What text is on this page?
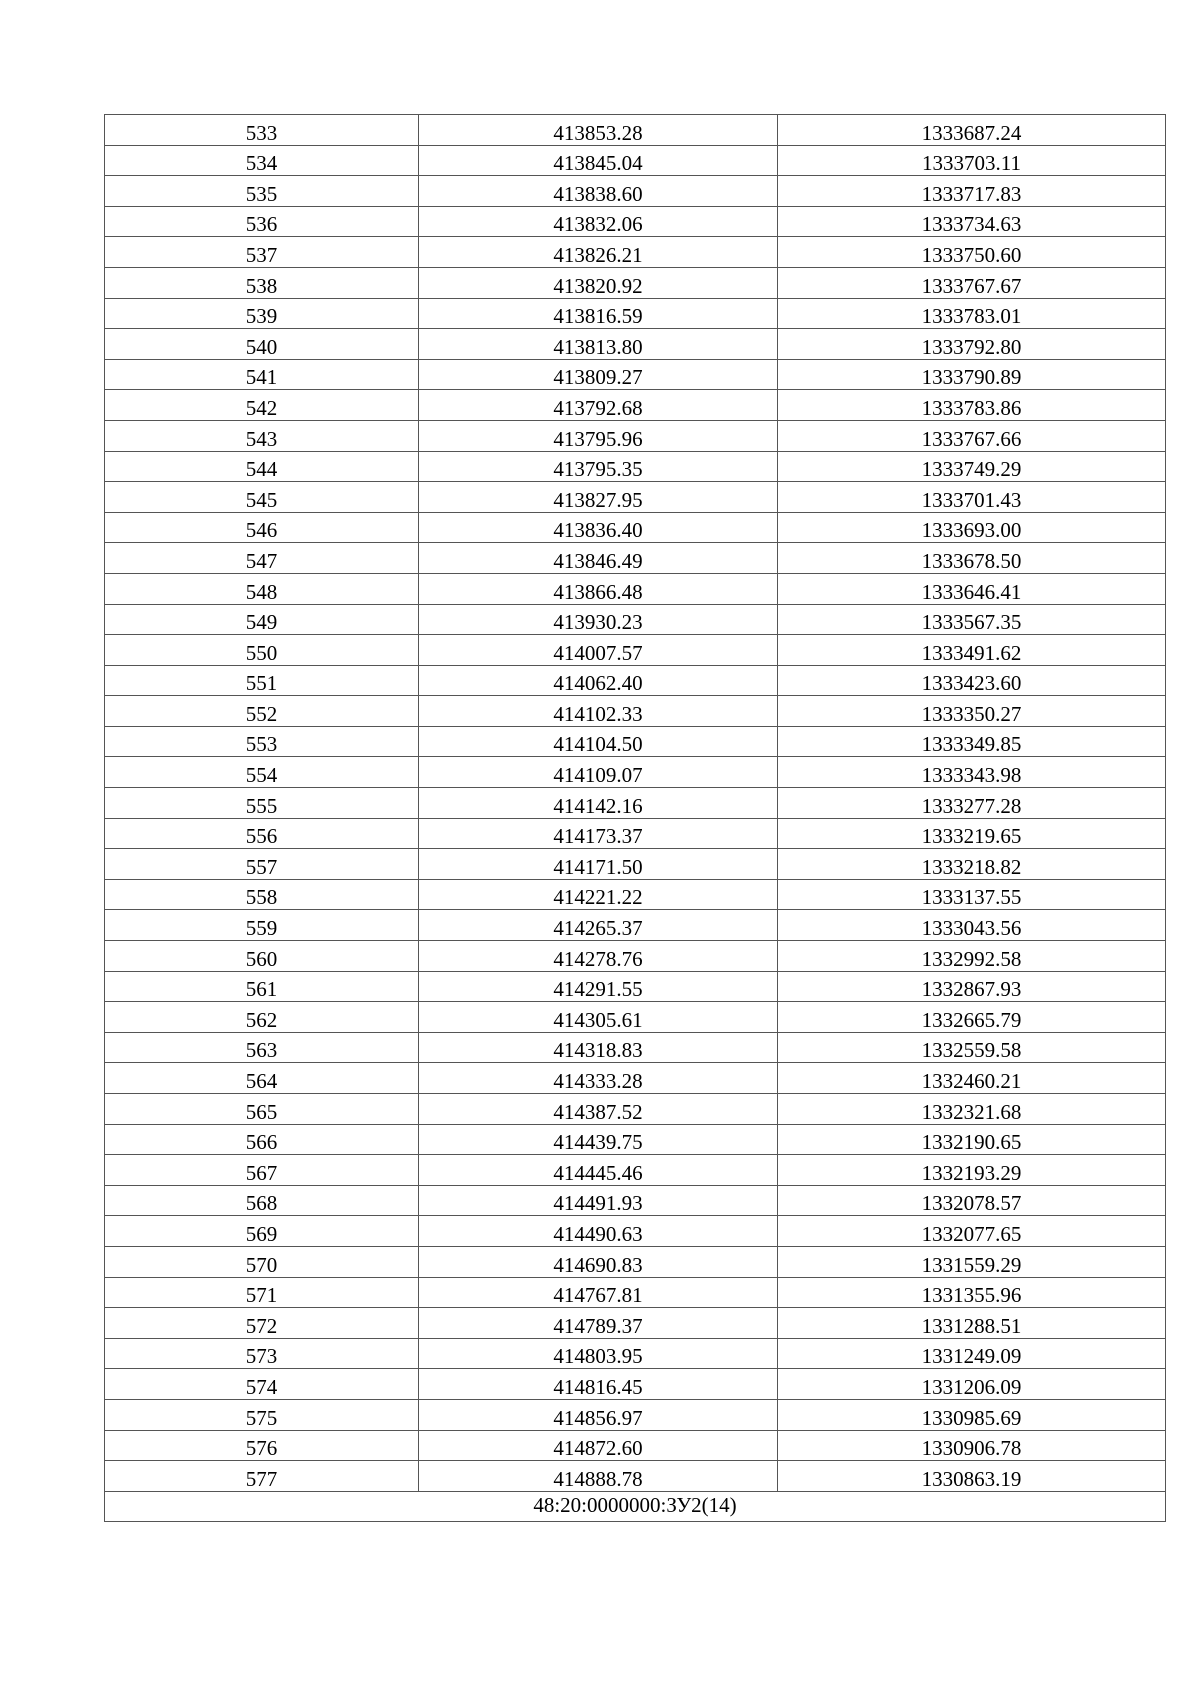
533	413853.28	1333687.24
534	413845.04	1333703.11
535	413838.60	1333717.83
536	413832.06	1333734.63
537	413826.21	1333750.60
538	413820.92	1333767.67
539	413816.59	1333783.01
540	413813.80	1333792.80
541	413809.27	1333790.89
542	413792.68	1333783.86
543	413795.96	1333767.66
544	413795.35	1333749.29
545	413827.95	1333701.43
546	413836.40	1333693.00
547	413846.49	1333678.50
548	413866.48	1333646.41
549	413930.23	1333567.35
550	414007.57	1333491.62
551	414062.40	1333423.60
552	414102.33	1333350.27
553	414104.50	1333349.85
554	414109.07	1333343.98
555	414142.16	1333277.28
556	414173.37	1333219.65
557	414171.50	1333218.82
558	414221.22	1333137.55
559	414265.37	1333043.56
560	414278.76	1332992.58
561	414291.55	1332867.93
562	414305.61	1332665.79
563	414318.83	1332559.58
564	414333.28	1332460.21
565	414387.52	1332321.68
566	414439.75	1332190.65
567	414445.46	1332193.29
568	414491.93	1332078.57
569	414490.63	1332077.65
570	414690.83	1331559.29
571	414767.81	1331355.96
572	414789.37	1331288.51
573	414803.95	1331249.09
574	414816.45	1331206.09
575	414856.97	1330985.69
576	414872.60	1330906.78
577	414888.78	1330863.19
48:20:0000000:ЗУ2(14)		
